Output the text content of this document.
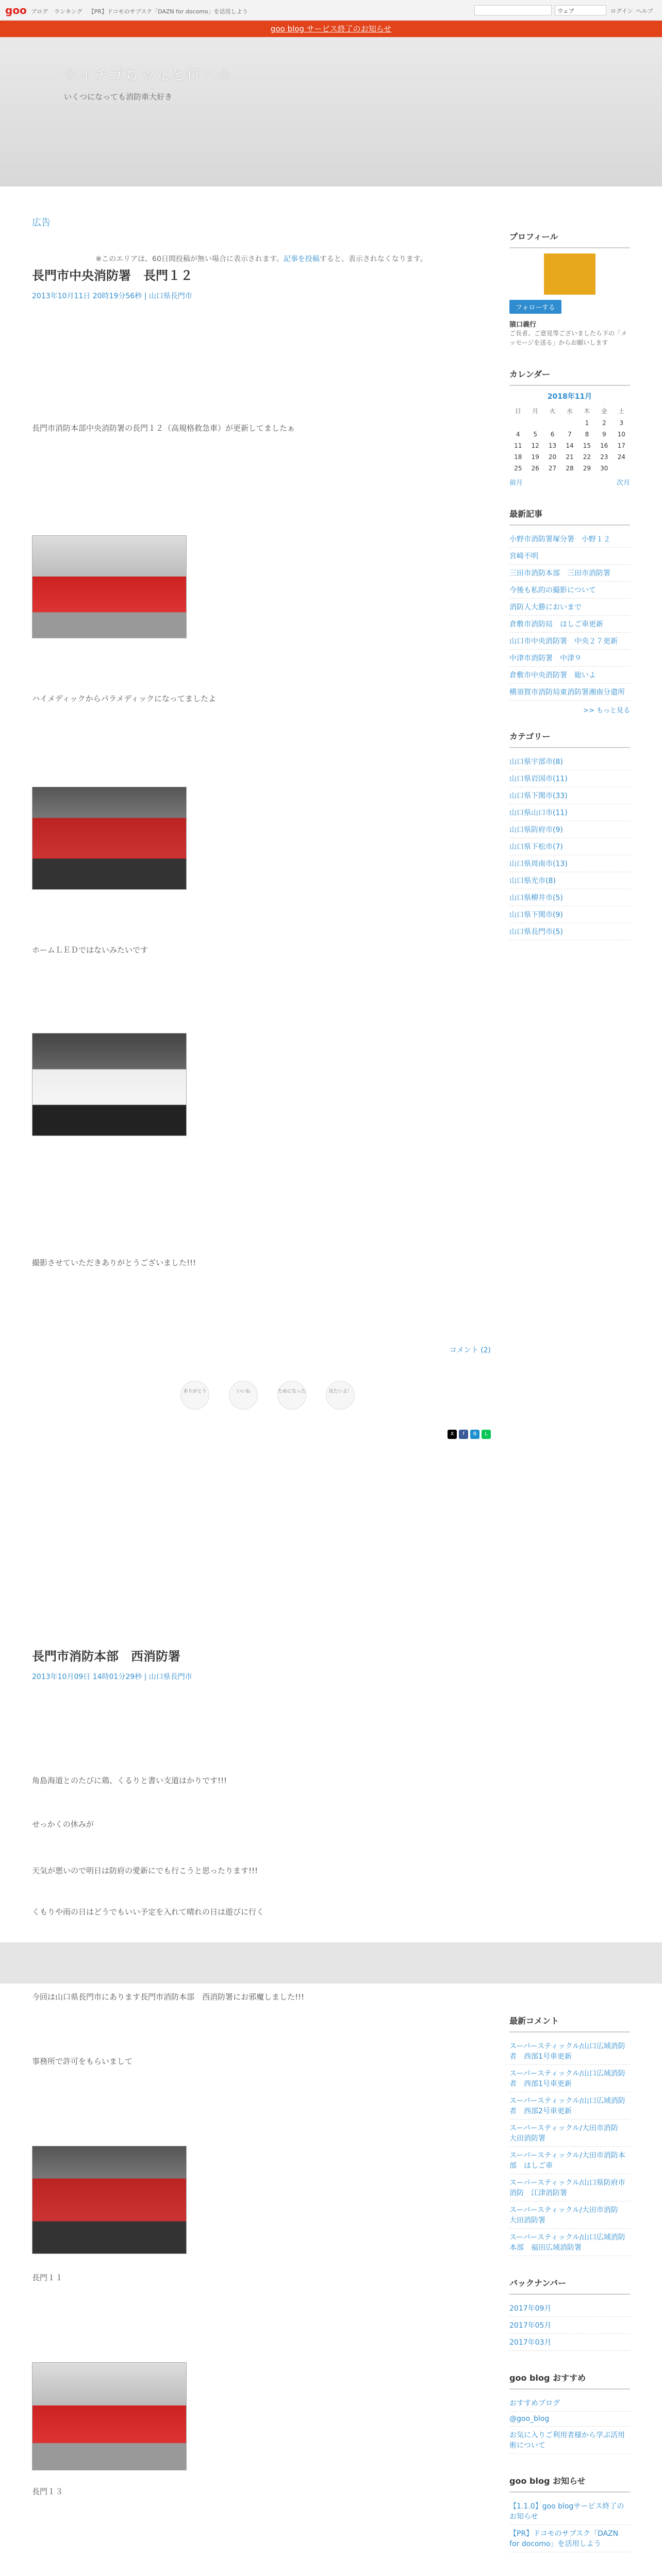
goo ブログ ランキング 【PR】ドコモのサブスク「DAZN for docomo」を活用しよう	ウェブ	ログイン ヘルプ
goo blog サービス終了のお知らせ
☆イチゴちゃんと行く☆
いくつになっても消防車大好き
広告
※このエリアは、60日間投稿が無い場合に表示されます。記事を投稿すると、表示されなくなります。
長門市中央消防署　長門１２
2013年10月11日 20時19分56秒 | 山口県長門市
長門市消防本部中央消防署の長門１２（高規格救急車）が更新してましたぁ
ハイメディックからパラメディックになってましたよ
ホームＬＥＤではないみたいです
撮影させていただきありがとうございました!!!
コメント (2)
ありがとう	いいね	ためになった	見たいよ！
X	f	B	L
長門市消防本部　西消防署
2013年10月09日 14時01分29秒 | 山口県長門市
角島海道とのたびに鶏、くるりと書い支道はかりです!!!
せっかくの休みが
天気が悪いので明日は防府の愛新にでも行こうと思ったります!!!
くもりや雨の日はどうでもいい予定を入れて晴れの日は遊びに行く
今回は山口県長門市にあります長門市消防本部　西消防署にお邪魔しました!!!
事務所で許可をもらいまして
長門１１
長門１３
プロフィール
フォローする
猿口義行
ご長者、ご意見等ございましたら下の「メッセージを送る」からお願いします
カレンダー
2018年11月
日	月	火	水	木	金	土
				1	2	3
4	5	6	7	8	9	10
11	12	13	14	15	16	17
18	19	20	21	22	23	24
25	26	27	28	29	30	
前月	次月
最新記事
小野市消防署塚分署　小野１２
宮崎不明
三田市消防本部　三田市消防署
今後も私的の撮影について
消防人大勝においまで
倉敷市消防局　はしご車更新
山口市中央消防署　中央２７更新
中津市消防署　中津９
倉敷市中央消防署　総いよ
横須賀市消防局東消防署湘南分遣所
>> もっと見る
カテゴリー
山口県宇部市(8)
山口県岩国市(11)
山口県下関市(33)
山口県山口市(11)
山口県防府市(9)
山口県下松市(7)
山口県周南市(13)
山口県光市(8)
山口県柳井市(5)
山口県下関市(9)
山口県長門市(5)
最新コメント
スーパースティックル/山口広域消防者　西部1号車更新
スーパースティックル/山口広域消防者　西部1号車更新
スーパースティックル/山口広域消防者　西部2号車更新
スーパースティックル/大田市消防　大田消防署
スーパースティックル/大田市消防本部　はしご車
スーパースティックル/山口県防府市消防　江津消防署
スーパースティックル/大田市消防　大田消防署
スーパースティックル/山口広域消防本部　福田広域消防署
バックナンバー
2017年09月
2017年05月
2017年03月
goo blog おすすめ
おすすめブログ
@goo_blog
お気に入りご利用者様から学ぶ活用術について
goo blog お知らせ
【1.1.0】goo blogサービス終了のお知らせ
【PR】ドコモのサブスク「DAZN for docomo」を活用しよう
